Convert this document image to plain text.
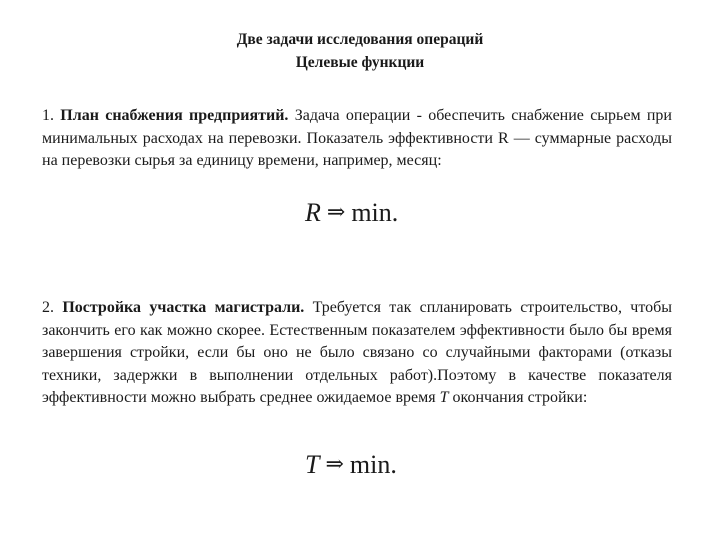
Две задачи исследования операций
Целевые функции
1. План снабжения предприятий. Задача операции - обеспечить снабжение сырьем при минимальных расходах на перевозки. Показатель эффективности R — суммарные расходы на перевозки сырья за единицу времени, например, месяц:
R ⇒ min.
2. Постройка участка магистрали. Требуется так спланировать строительство, чтобы закончить его как можно скорее. Естественным показателем эффективности было бы время завершения стройки, если бы оно не было связано со случайными факторами (отказы техники, задержки в выполнении отдельных работ).Поэтому в качестве показателя эффективности можно выбрать среднее ожидаемое время T окончания стройки:
T ⇒ min.
